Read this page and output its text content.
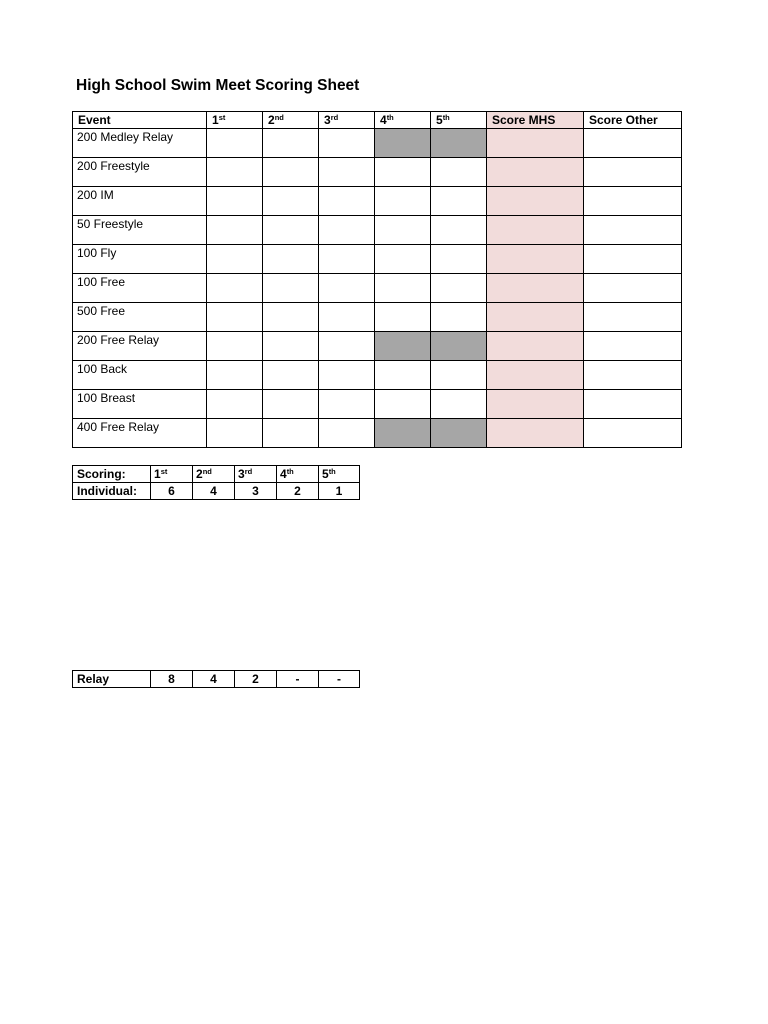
High School Swim Meet Scoring Sheet
Event	1st	2nd	3rd	4th	5th	Score MHS	Score Other
200 Medley Relay							
200 Freestyle							
200 IM							
50 Freestyle							
100 Fly							
100 Free							
500 Free							
200 Free Relay							
100 Back							
100 Breast							
400 Free Relay							
Scoring:	1st	2nd	3rd	4th	5th
Individual:	6	4	3	2	1
Relay	8	4	2	-	-
